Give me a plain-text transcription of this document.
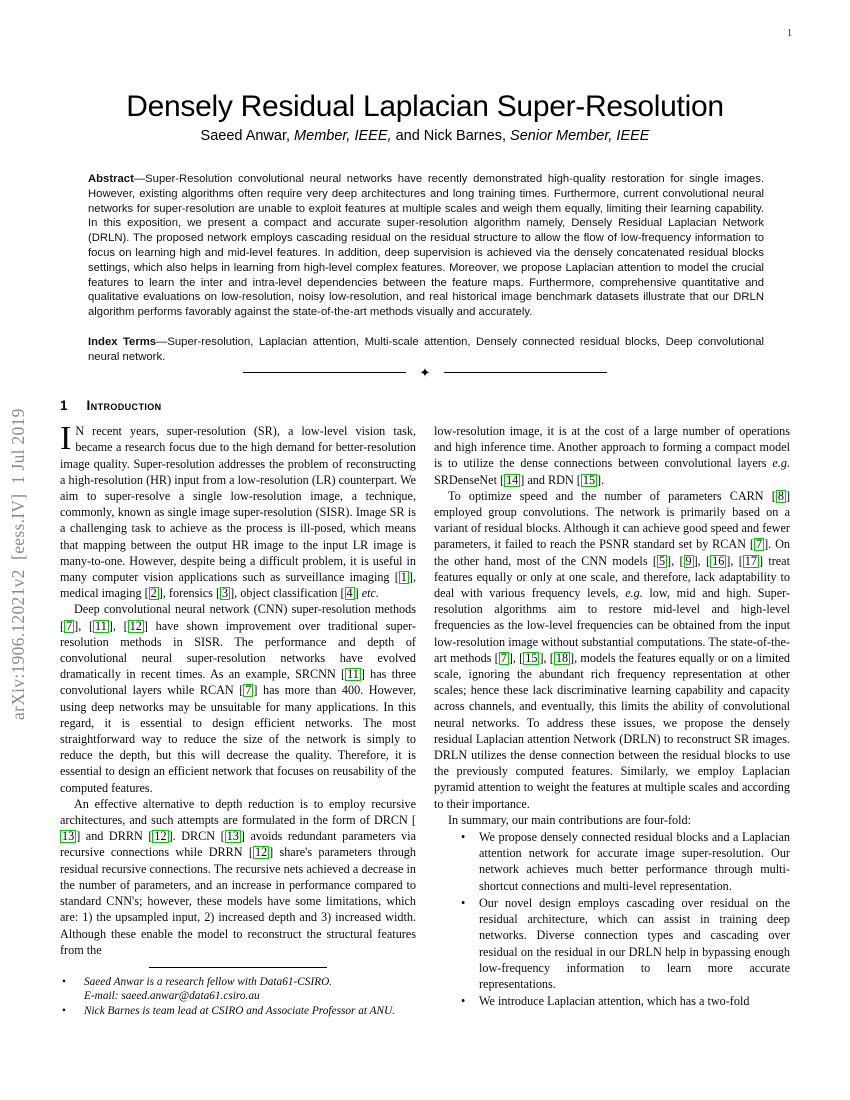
arXiv:1906.12021v2  [eess.IV]  1 Jul 2019
1
Densely Residual Laplacian Super-Resolution
Saeed Anwar, Member, IEEE, and Nick Barnes, Senior Member, IEEE

Abstract—Super-Resolution convolutional neural networks have recently demonstrated high-quality restoration for single images. However, existing algorithms often require very deep architectures and long training times. Furthermore, current convolutional neural networks for super-resolution are unable to exploit features at multiple scales and weigh them equally, limiting their learning capability. In this exposition, we present a compact and accurate super-resolution algorithm namely, Densely Residual Laplacian Network (DRLN). The proposed network employs cascading residual on the residual structure to allow the flow of low-frequency information to focus on learning high and mid-level features. In addition, deep supervision is achieved via the densely concatenated residual blocks settings, which also helps in learning from high-level complex features. Moreover, we propose Laplacian attention to model the crucial features to learn the inter and intra-level dependencies between the feature maps. Furthermore, comprehensive quantitative and qualitative evaluations on low-resolution, noisy low-resolution, and real historical image benchmark datasets illustrate that our DRLN algorithm performs favorably against the state-of-the-art methods visually and accurately.

Index Terms—Super-resolution, Laplacian attention, Multi-scale attention, Densely connected residual blocks, Deep convolutional neural network.

✦
1 Introduction

I N recent years, super-resolution (SR), a low-level vision task, became a research focus due to the high demand for better-resolution image quality. Super-resolution addresses the problem of reconstructing a high-resolution (HR) input from a low-resolution (LR) counterpart. We aim to super-resolve a single low-resolution image, a technique, commonly, known as single image super-resolution (SISR). Image SR is a challenging task to achieve as the process is ill-posed, which means that mapping between the output HR image to the input LR image is many-to-one. However, despite being a difficult problem, it is useful in many computer vision applications such as surveillance imaging [ 1 ], medical imaging [ 2 ], forensics [ 3 ], object classification [ 4 ] etc.

Deep convolutional neural network (CNN) super-resolution methods [ 7 ], [ 11 ], [ 12 ] have shown improvement over traditional super-resolution methods in SISR. The performance and depth of convolutional neural super-resolution networks have evolved dramatically in recent times. As an example, SRCNN [ 11 ] has three convolutional layers while RCAN [ 7 ] has more than 400. However, using deep networks may be unsuitable for many applications. In this regard, it is essential to design efficient networks. The most straightforward way to reduce the size of the network is simply to reduce the depth, but this will decrease the quality. Therefore, it is essential to design an efficient network that focuses on reusability of the computed features.

An effective alternative to depth reduction is to employ recursive architectures, and such attempts are formulated in the form of DRCN [13 ] and DRRN [ 12 ]. DRCN [ 13 ] avoids redundant parameters via recursive connections while DRRN [ 12 ] share's parameters through residual recursive connections. The recursive nets achieved a decrease in the number of parameters, and an increase in performance compared to standard CNN's; however, these models have some limitations, which are: 1) the upsampled input, 2) increased depth and 3) increased width. Although these enable the model to reconstruct the structural features from the

•	Saeed Anwar is a research fellow with Data61-CSIRO.
E-mail: saeed.anwar@data61.csiro.au
•	Nick Barnes is team lead at CSIRO and Associate Professor at ANU.

low-resolution image, it is at the cost of a large number of operations and high inference time. Another approach to forming a compact model is to utilize the dense connections between convolutional layers e.g. SRDenseNet [ 14 ] and RDN [ 15 ].

To optimize speed and the number of parameters CARN [ 8 ] employed group convolutions. The network is primarily based on a variant of residual blocks. Although it can achieve good speed and fewer parameters, it failed to reach the PSNR standard set by RCAN [ 7 ]. On the other hand, most of the CNN models [ 5 ], [ 9 ], [ 16 ], [ 17 ] treat features equally or only at one scale, and therefore, lack adaptability to deal with various frequency levels, e.g. low, mid and high. Super-resolution algorithms aim to restore mid-level and high-level frequencies as the low-level frequencies can be obtained from the input low-resolution image without substantial computations. The state-of-the-art methods [ 7 ], [ 15 ], [ 18 ], models the features equally or on a limited scale, ignoring the abundant rich frequency representation at other scales; hence these lack discriminative learning capability and capacity across channels, and eventually, this limits the ability of convolutional neural networks. To address these issues, we propose the densely residual Laplacian attention Network (DRLN) to reconstruct SR images. DRLN utilizes the dense connection between the residual blocks to use the previously computed features. Similarly, we employ Laplacian pyramid attention to weight the features at multiple scales and according to their importance.

In summary, our main contributions are four-fold:

• We propose densely connected residual blocks and a Laplacian attention network for accurate image super-resolution. Our network achieves much better performance through multi-shortcut connections and multi-level representation.
• Our novel design employs cascading over residual on the residual architecture, which can assist in training deep networks. Diverse connection types and cascading over residual on the residual in our DRLN help in bypassing enough low-frequency information to learn more accurate representations.
• We introduce Laplacian attention, which has a two-fold
